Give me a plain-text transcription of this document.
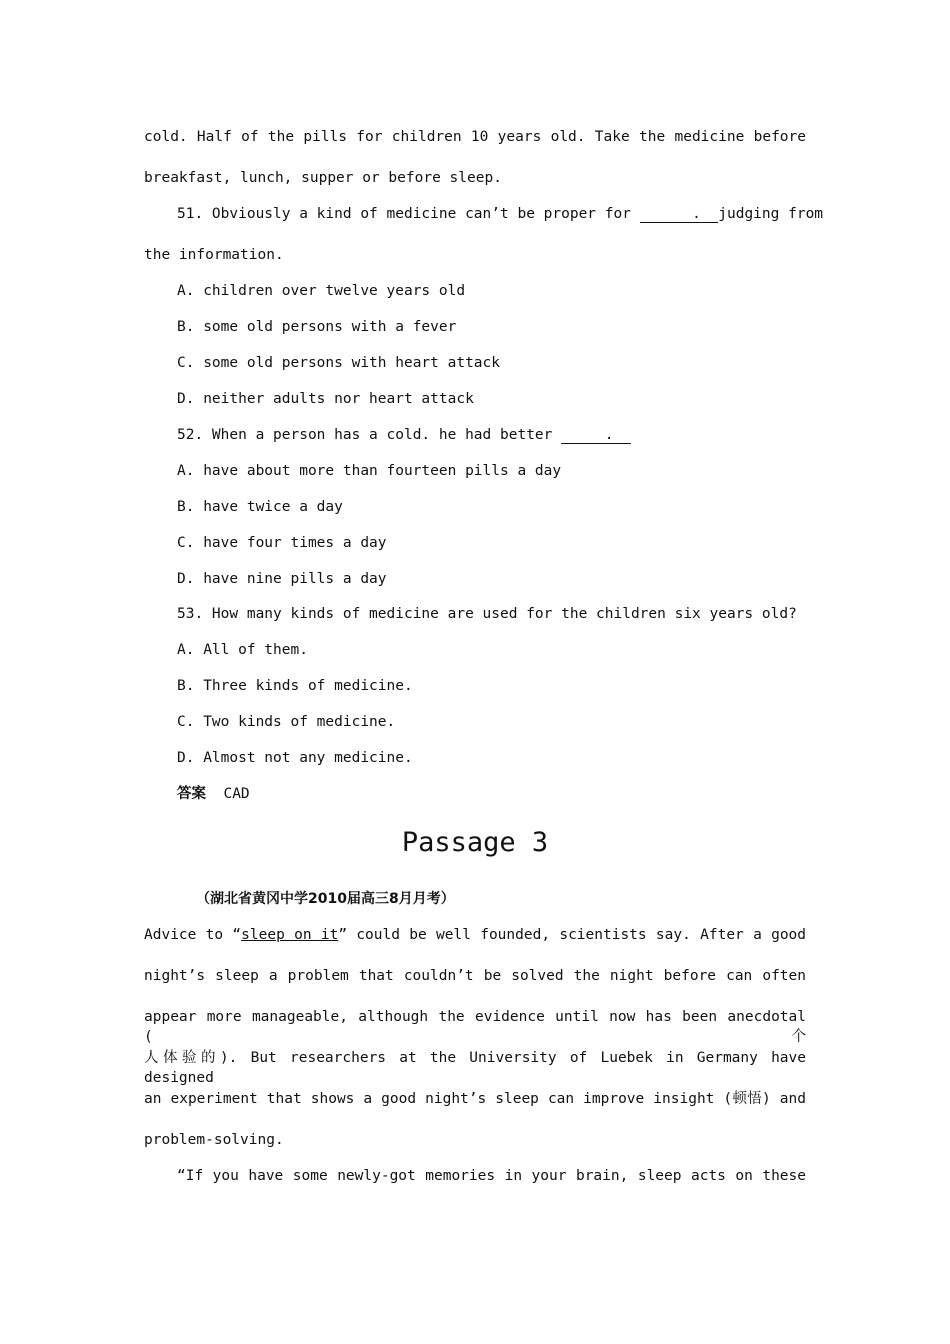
cold. Half of the pills for children 10 years old. Take the medicine before
breakfast, lunch, supper or before sleep.
51. Obviously a kind of medicine can’t be proper for       .  judging from
the information.
A. children over twelve years old
B. some old persons with a fever
C. some old persons with heart attack
D. neither adults nor heart attack
52. When a person has a cold. he had better      .
A. have about more than fourteen pills a day
B. have twice a day
C. have four times a day
D. have nine pills a day
53. How many kinds of medicine are used for the children six years old?
A. All of them.
B. Three kinds of medicine.
C. Two kinds of medicine.
D. Almost not any medicine.
答案 CAD
Passage 3
（湖北省黄冈中学2010届高三8月月考）
Advice to “sleep on it” could be well founded, scientists say. After a good
night’s sleep a problem that couldn’t be solved the night before can often
appear more manageable, although the evidence until now has been anecdotal (个
人体验的). But researchers at the University of Luebek in Germany have designed
an experiment that shows a good night’s sleep can improve insight (顿悟) and
problem-solving.
“If you have some newly-got memories in your brain, sleep acts on these
